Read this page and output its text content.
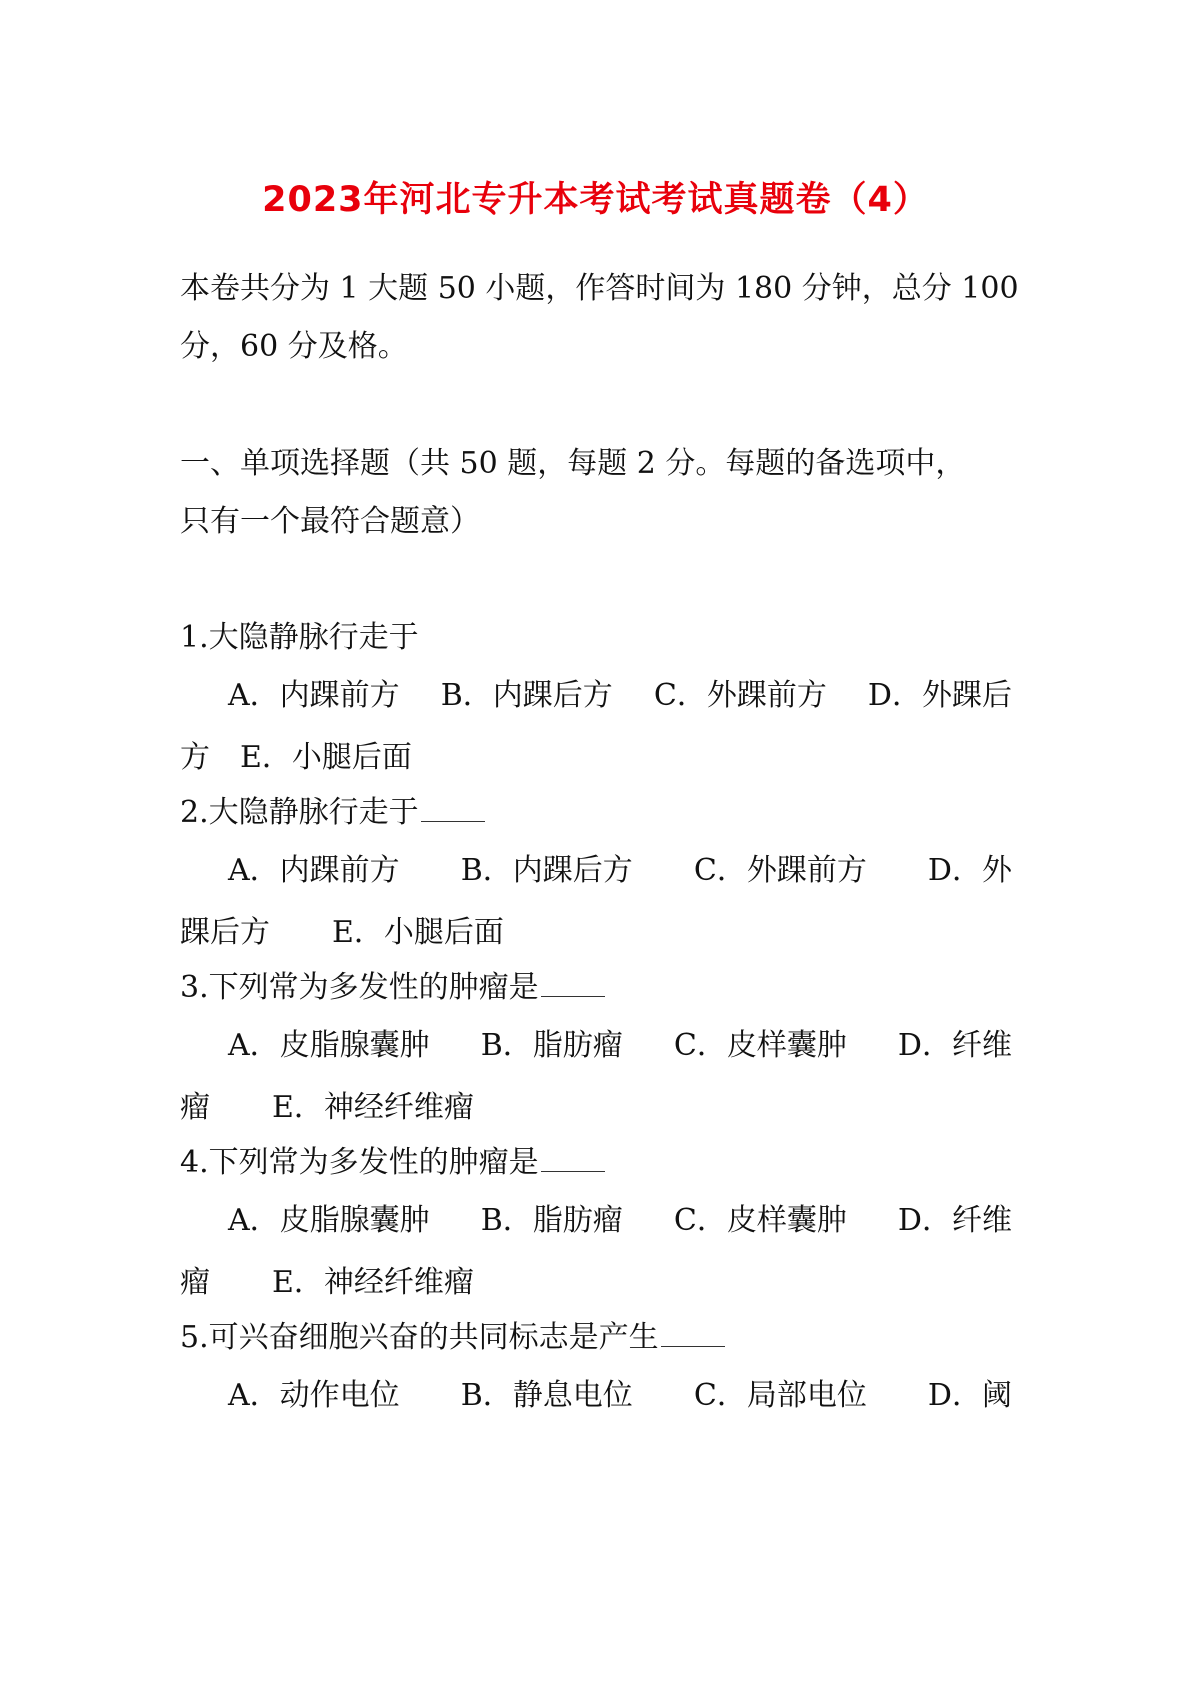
2023年河北专升本考试考试真题卷（4）
本卷共分为 1 大题 50 小题，作答时间为 180 分钟，总分 100
分，60 分及格。
一、单项选择题（共 50 题，每题 2 分。每题的备选项中，
只有一个最符合题意）
1.大隐静脉行走于
A．内踝前方 B．内踝后方 C．外踝前方 D．外踝后
方 E．小腿后面
2.大隐静脉行走于
A．内踝前方 B．内踝后方 C．外踝前方 D．外
踝后方 E．小腿后面
3.下列常为多发性的肿瘤是
A．皮脂腺囊肿 B．脂肪瘤 C．皮样囊肿 D．纤维
瘤 E．神经纤维瘤
4.下列常为多发性的肿瘤是
A．皮脂腺囊肿 B．脂肪瘤 C．皮样囊肿 D．纤维
瘤 E．神经纤维瘤
5.可兴奋细胞兴奋的共同标志是产生
A．动作电位 B．静息电位 C．局部电位 D．阈
